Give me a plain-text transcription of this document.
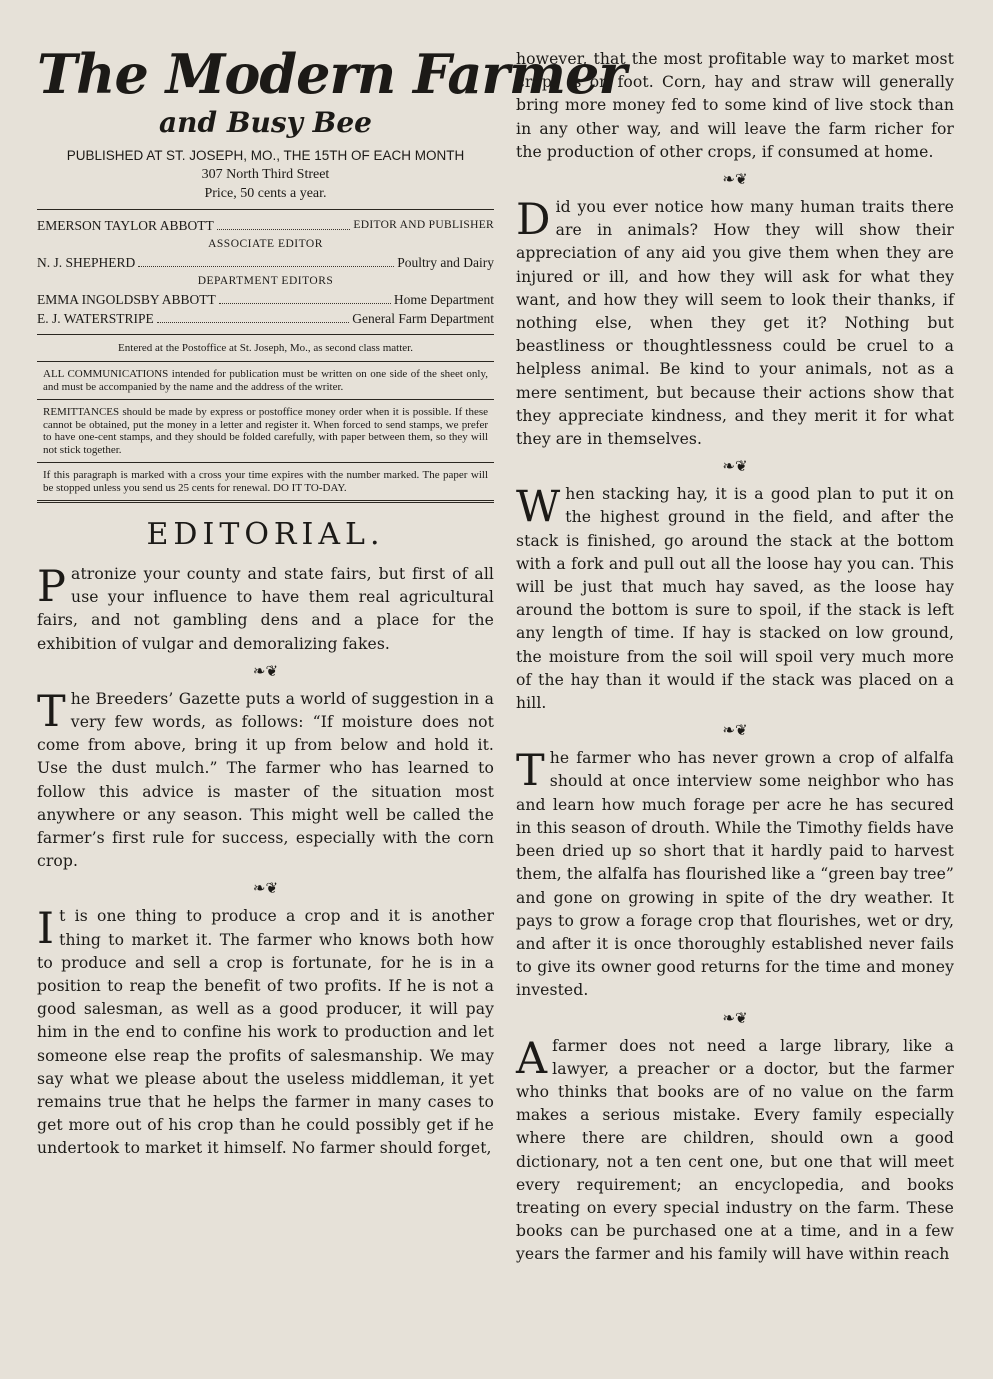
The Modern Farmer
and Busy Bee
PUBLISHED AT ST. JOSEPH, MO., THE 15TH OF EACH MONTH
307 North Third Street
Price, 50 cents a year.
EMERSON TAYLOR ABBOTT	EDITOR AND PUBLISHER
ASSOCIATE EDITOR
N. J. SHEPHERD	Poultry and Dairy
DEPARTMENT EDITORS
EMMA INGOLDSBY ABBOTT	Home Department
E. J. WATERSTRIPE	General Farm Department
Entered at the Postoffice at St. Joseph, Mo., as second class matter.
ALL COMMUNICATIONS intended for publication must be written on one side of the sheet only, and must be accompanied by the name and the address of the writer.
REMITTANCES should be made by express or postoffice money order when it is possible. If these cannot be obtained, put the money in a letter and register it. When forced to send stamps, we prefer to have one-cent stamps, and they should be folded carefully, with paper between them, so they will not stick together.
If this paragraph is marked with a cross your time expires with the number marked. The paper will be stopped unless you send us 25 cents for renewal. DO IT TO-DAY.
EDITORIAL.

Patronize your county and state fairs, but first of all use your influence to have them real agricultural fairs, and not gambling dens and a place for the exhibition of vulgar and demoralizing fakes.

❧❦

The Breeders’ Gazette puts a world of suggestion in a very few words, as follows: “If moisture does not come from above, bring it up from below and hold it. Use the dust mulch.” The farmer who has learned to follow this advice is master of the situation most anywhere or any season. This might well be called the farmer’s first rule for success, especially with the corn crop.

❧❦

It is one thing to produce a crop and it is another thing to market it. The farmer who knows both how to produce and sell a crop is fortunate, for he is in a position to reap the benefit of two profits. If he is not a good salesman, as well as a good producer, it will pay him in the end to confine his work to production and let someone else reap the profits of salesmanship. We may say what we please about the useless middleman, it yet remains true that he helps the farmer in many cases to get more out of his crop than he could possibly get if he undertook to market it himself. No farmer should forget,

however, that the most profitable way to market most crops is on foot. Corn, hay and straw will generally bring more money fed to some kind of live stock than in any other way, and will leave the farm richer for the production of other crops, if consumed at home.

❧❦

Did you ever notice how many human traits there are in animals? How they will show their appreciation of any aid you give them when they are injured or ill, and how they will ask for what they want, and how they will seem to look their thanks, if nothing else, when they get it? Nothing but beastliness or thoughtlessness could be cruel to a helpless animal. Be kind to your animals, not as a mere sentiment, but because their actions show that they appreciate kindness, and they merit it for what they are in themselves.

❧❦

When stacking hay, it is a good plan to put it on the highest ground in the field, and after the stack is finished, go around the stack at the bottom with a fork and pull out all the loose hay you can. This will be just that much hay saved, as the loose hay around the bottom is sure to spoil, if the stack is left any length of time. If hay is stacked on low ground, the moisture from the soil will spoil very much more of the hay than it would if the stack was placed on a hill.

❧❦

The farmer who has never grown a crop of alfalfa should at once interview some neighbor who has and learn how much forage per acre he has secured in this season of drouth. While the Timothy fields have been dried up so short that it hardly paid to harvest them, the alfalfa has flourished like a “green bay tree” and gone on growing in spite of the dry weather. It pays to grow a forage crop that flourishes, wet or dry, and after it is once thoroughly established never fails to give its owner good returns for the time and money invested.

❧❦

Afarmer does not need a large library, like a lawyer, a preacher or a doctor, but the farmer who thinks that books are of no value on the farm makes a serious mistake. Every family especially where there are children, should own a good dictionary, not a ten cent one, but one that will meet every requirement; an encyclopedia, and books treating on every special industry on the farm. These books can be purchased one at a time, and in a few years the farmer and his family will have within reach
